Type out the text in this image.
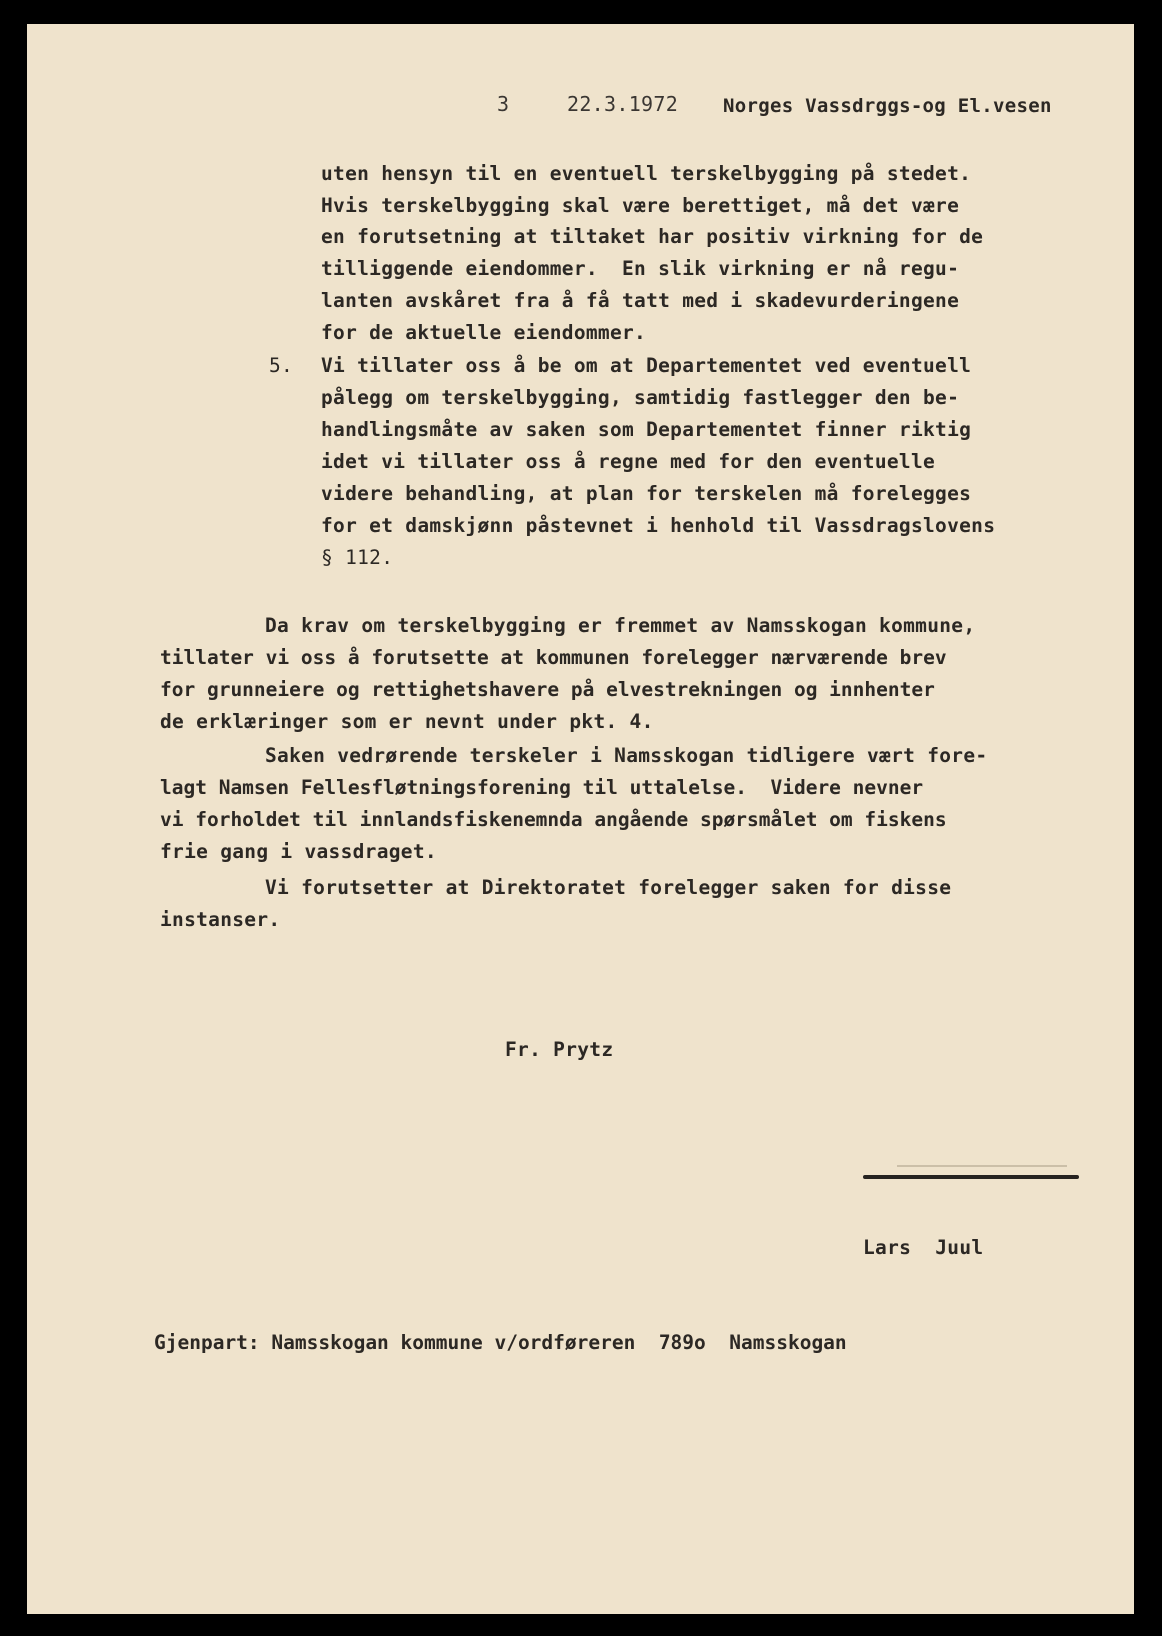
3	22.3.1972 Norges Vassdrggs-og El.vesen
uten hensyn til en eventuell terskelbygging på stedet.
Hvis terskelbygging skal være berettiget, må det være
en forutsetning at tiltaket har positiv virkning for de
tilliggende eiendommer.  En slik virkning er nå regu-
lanten avskåret fra å få tatt med i skadevurderingene
for de aktuelle eiendommer.
5. Vi tillater oss å be om at Departementet ved eventuell
pålegg om terskelbygging, samtidig fastlegger den be-
handlingsmåte av saken som Departementet finner riktig
idet vi tillater oss å regne med for den eventuelle
videre behandling, at plan for terskelen må forelegges
for et damskjønn påstevnet i henhold til Vassdragslovens
§ 112.
Da krav om terskelbygging er fremmet av Namsskogan kommune,
tillater vi oss å forutsette at kommunen forelegger nærværende brev
for grunneiere og rettighetshavere på elvestrekningen og innhenter
de erklæringer som er nevnt under pkt. 4.
Saken vedrørende terskeler i Namsskogan tidligere vært fore-
lagt Namsen Fellesfløtningsforening til uttalelse.  Videre nevner
vi forholdet til innlandsfiskenemnda angående spørsmålet om fiskens
frie gang i vassdraget.
Vi forutsetter at Direktoratet forelegger saken for disse
instanser.
Fr. Prytz
Lars  Juul
Gjenpart: Namsskogan kommune v/ordføreren  789o  Namsskogan
